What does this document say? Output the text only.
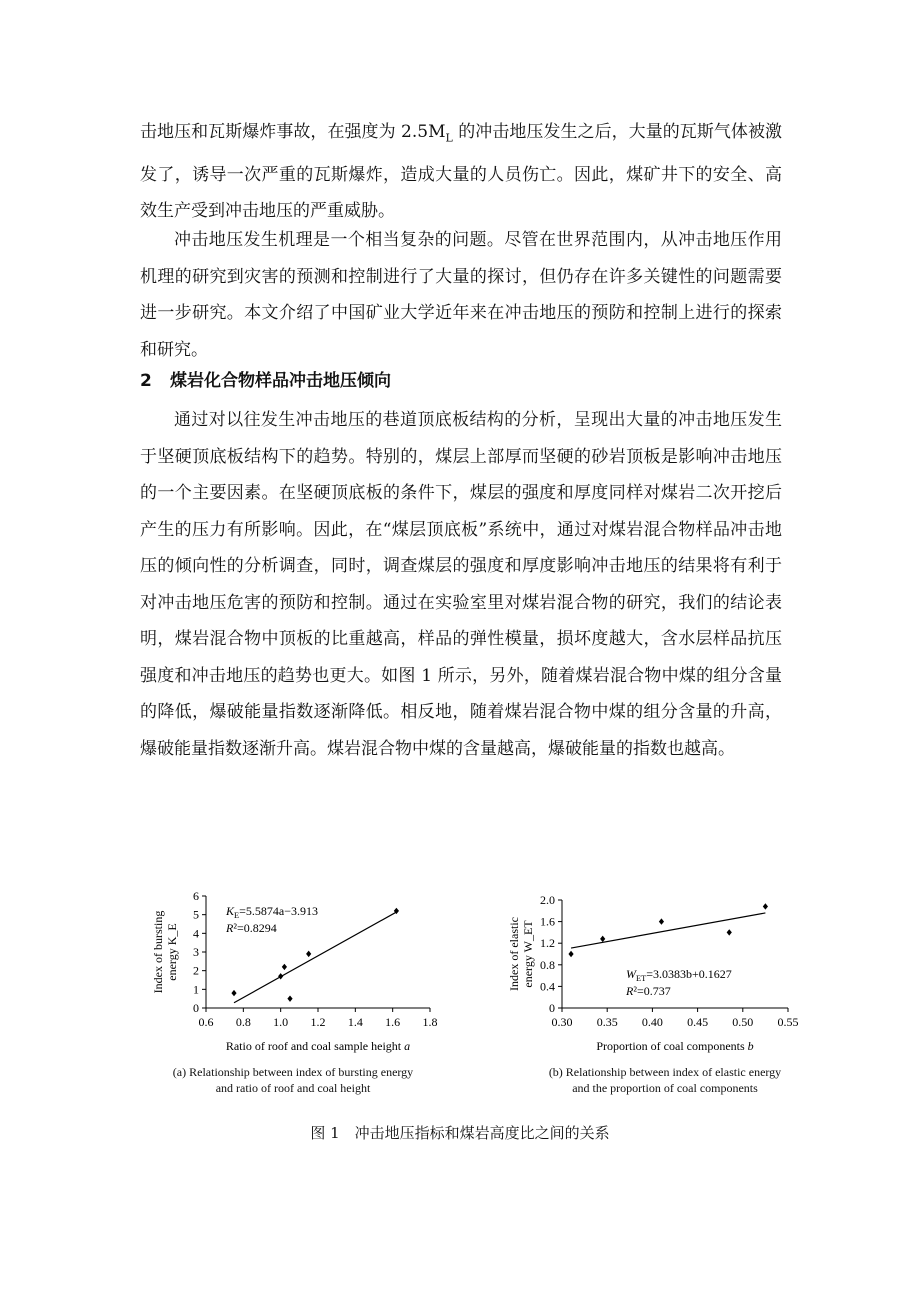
击地压和瓦斯爆炸事故，在强度为 $2.5M_L$ 的冲击地压发生之后，大量的瓦斯气体被激发了，诱导一次严重的瓦斯爆炸，造成大量的人员伤亡。因此，煤矿井下的安全、高效生产受到冲击地压的严重威胁。

冲击地压发生机理是一个相当复杂的问题。尽管在世界范围内，从冲击地压作用机理的研究到灾害的预测和控制进行了大量的探讨，但仍存在许多关键性的问题需要进一步研究。本文介绍了中国矿业大学近年来在冲击地压的预防和控制上进行的探索和研究。

2 煤岩化合物样品冲击地压倾向

通过对以往发生冲击地压的巷道顶底板结构的分析，呈现出大量的冲击地压发生于坚硬顶底板结构下的趋势。特别的，煤层上部厚而坚硬的砂岩顶板是影响冲击地压的一个主要因素。在坚硬顶底板的条件下，煤层的强度和厚度同样对煤岩二次开挖后产生的压力有所影响。因此，在“煤层顶底板”系统中，通过对煤岩混合物样品冲击地压的倾向性的分析调查，同时，调查煤层的强度和厚度影响冲击地压的结果将有利于对冲击地压危害的预防和控制。通过在实验室里对煤岩混合物的研究，我们的结论表明，煤岩混合物中顶板的比重越高，样品的弹性模量，损坏度越大，含水层样品抗压强度和冲击地压的趋势也更大。如图 1 所示，另外，随着煤岩混合物中煤的组分含量的降低，爆破能量指数逐渐降低。相反地，随着煤岩混合物中煤的组分含量的升高，爆破能量指数逐渐升高。煤岩混合物中煤的含量越高，爆破能量的指数也越高。

0.6 0.8 1.0 1.2 1.4 1.6 1.8
0
1
2
3
4
5
6
$K_E=5.5874a-3.913$
R²=0.8294
Ratio of roof and coal sample height a
Index of bursting energy K_E
(a) Relationship between index of bursting energy
and ratio of roof and coal height
0.30 0.35 0.40 0.45 0.50 0.55
0
0.4
0.8
1.2
1.6
2.0
$W_{ET}=3.0383b+0.1627$
R²=0.737
Proportion of coal components b
Index of elastic energy W_ET
(b) Relationship between index of elastic energy
and the proportion of coal components
图 1　冲击地压指标和煤岩高度比之间的关系
